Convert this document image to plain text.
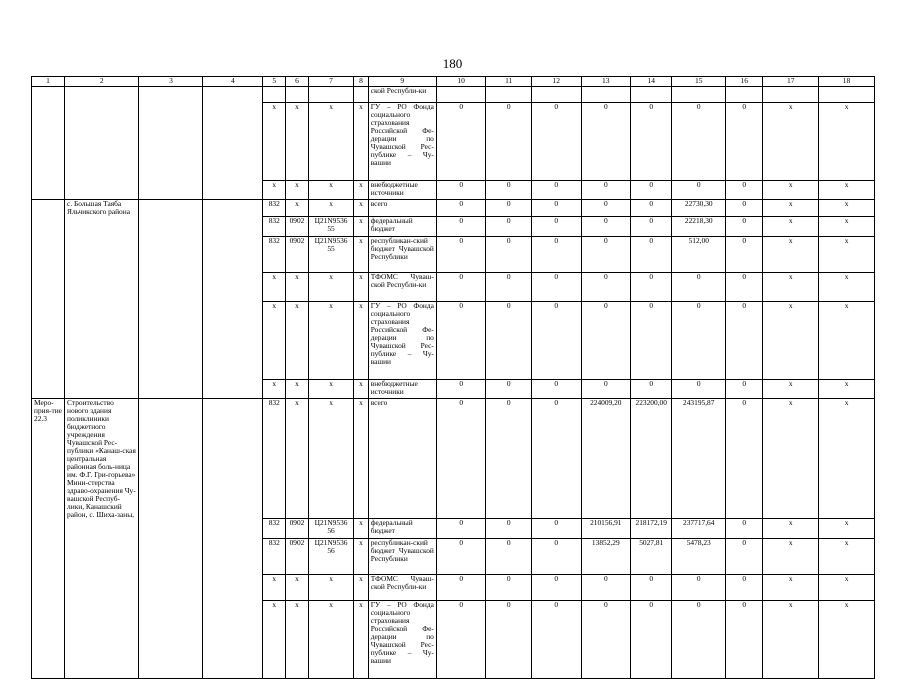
180
1	2	3	4	5	6	7	8	9	10	11	12	13	14	15	16	17	18
								ской Республи-ки									
				х	х	х	х	ГУ – РО Фонда социального страхования Российской Фе-дерации по Чувашской Рес-публике – Чу-вашии	0	0	0	0	0	0	0	х	х
				х	х	х	х	внебюджетные источники	0	0	0	0	0	0	0	х	х
	с. Большая Таяба Яльчикского района			832	х	х	х	всего	0	0	0	0	0	22730,30	0	х	х
				832	0902	Ц21N9536 55	х	федеральный бюджет	0	0	0	0	0	22218,30	0	х	х
				832	0902	Ц21N9536 55	х	республикан-ский бюджет Чувашской Республики	0	0	0	0	0	512,00	0	х	х
				х	х	х	х	ТФОМС Чуваш-ской Республи-ки	0	0	0	0	0	0	0	х	х
				х	х	х	х	ГУ – РО Фонда социального страхования Российской Фе-дерации по Чувашской Рес-публике – Чу-вашии	0	0	0	0	0	0	0	х	х
				х	х	х	х	внебюджетные источники	0	0	0	0	0	0	0	х	х
Меро-прия-тие 22.3	Строительство нового здания поликлиники бюджетного учреждения Чувашской Рес-публики «Канаш-ская центральная районная боль-ница им. Ф.Г. Гри-горьева» Мини-стерства здраво-охранения Чу-вашской Респуб-лики, Канашский район, с. Шиха-заны,			832	х	х	х	всего	0	0	0	224009,20	223200,00	243195,87	0	х	х
				832	0902	Ц21N9536 56	х	федеральный бюджет	0	0	0	210156,91	218172,19	237717,64	0	х	х
				832	0902	Ц21N9536 56	х	республикан-ский бюджет Чувашской Республики	0	0	0	13852,29	5027,81	5478,23	0	х	х
				х	х	х	х	ТФОМС Чуваш-ской Республи-ки	0	0	0	0	0	0	0	х	х
				х	х	х	х	ГУ – РО Фонда социального страхования Российской Фе-дерации по Чувашской Рес-публике – Чу-вашии	0	0	0	0	0	0	0	х	х
